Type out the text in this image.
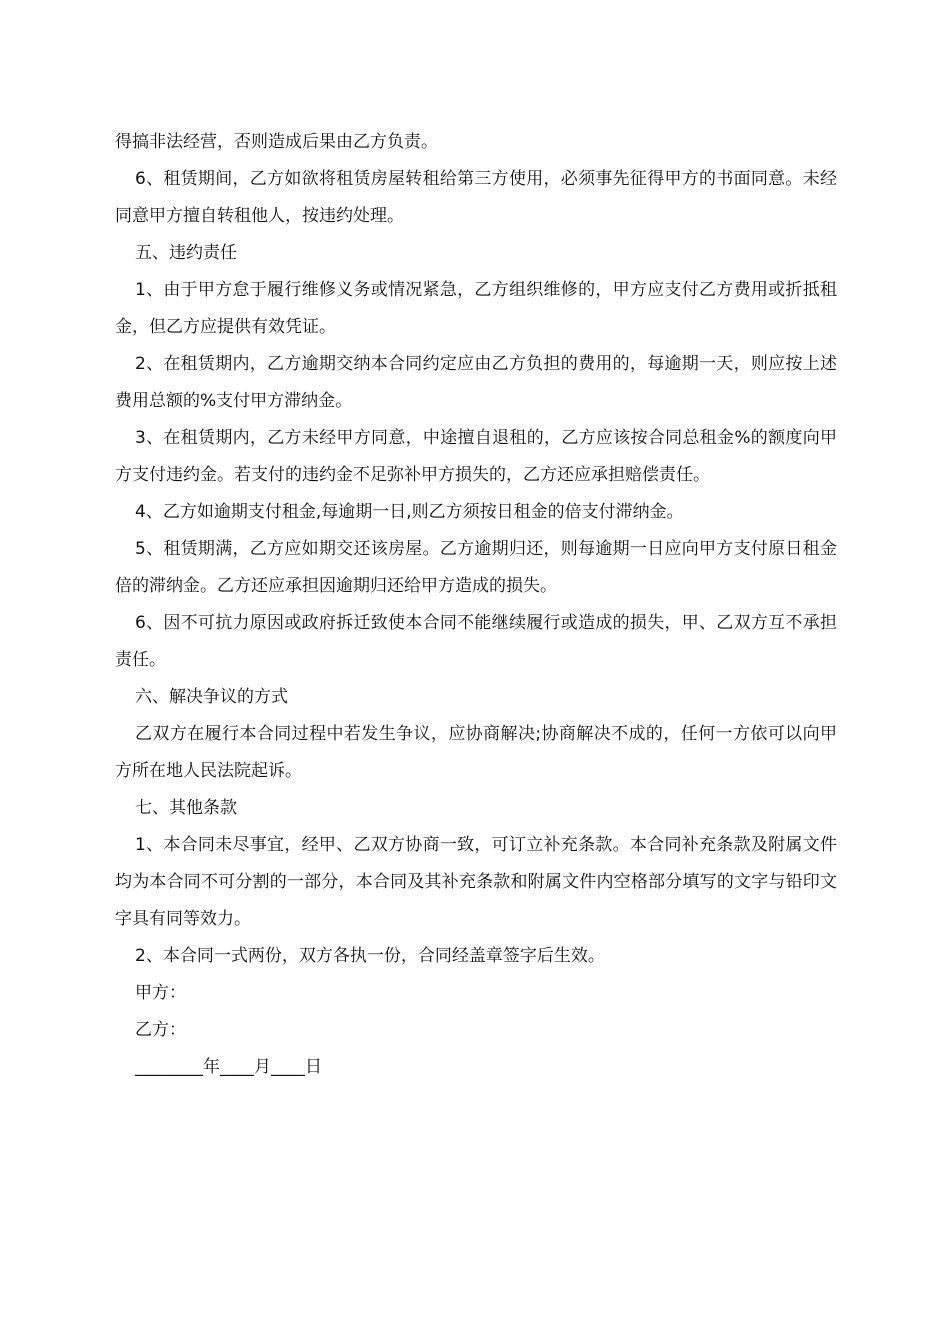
得搞非法经营，否则造成后果由乙方负责。

6、租赁期间，乙方如欲将租赁房屋转租给第三方使用，必须事先征得甲方的书面同意。未经同意甲方擅自转租他人，按违约处理。

五、违约责任

1、由于甲方怠于履行维修义务或情况紧急，乙方组织维修的，甲方应支付乙方费用或折抵租金，但乙方应提供有效凭证。

2、在租赁期内，乙方逾期交纳本合同约定应由乙方负担的费用的，每逾期一天，则应按上述费用总额的%支付甲方滞纳金。

3、在租赁期内，乙方未经甲方同意，中途擅自退租的，乙方应该按合同总租金%的额度向甲方支付违约金。若支付的违约金不足弥补甲方损失的，乙方还应承担赔偿责任。

4、乙方如逾期支付租金,每逾期一日,则乙方须按日租金的倍支付滞纳金。

5、租赁期满，乙方应如期交还该房屋。乙方逾期归还，则每逾期一日应向甲方支付原日租金倍的滞纳金。乙方还应承担因逾期归还给甲方造成的损失。

6、因不可抗力原因或政府拆迁致使本合同不能继续履行或造成的损失，甲、乙双方互不承担责任。

六、解决争议的方式

乙双方在履行本合同过程中若发生争议，应协商解决;协商解决不成的，任何一方依可以向甲方所在地人民法院起诉。

七、其他条款

1、本合同未尽事宜，经甲、乙双方协商一致，可订立补充条款。本合同补充条款及附属文件均为本合同不可分割的一部分，本合同及其补充条款和附属文件内空格部分填写的文字与铅印文字具有同等效力。

2、本合同一式两份，双方各执一份，合同经盖章签字后生效。

甲方：

乙方：

________年____月____日
